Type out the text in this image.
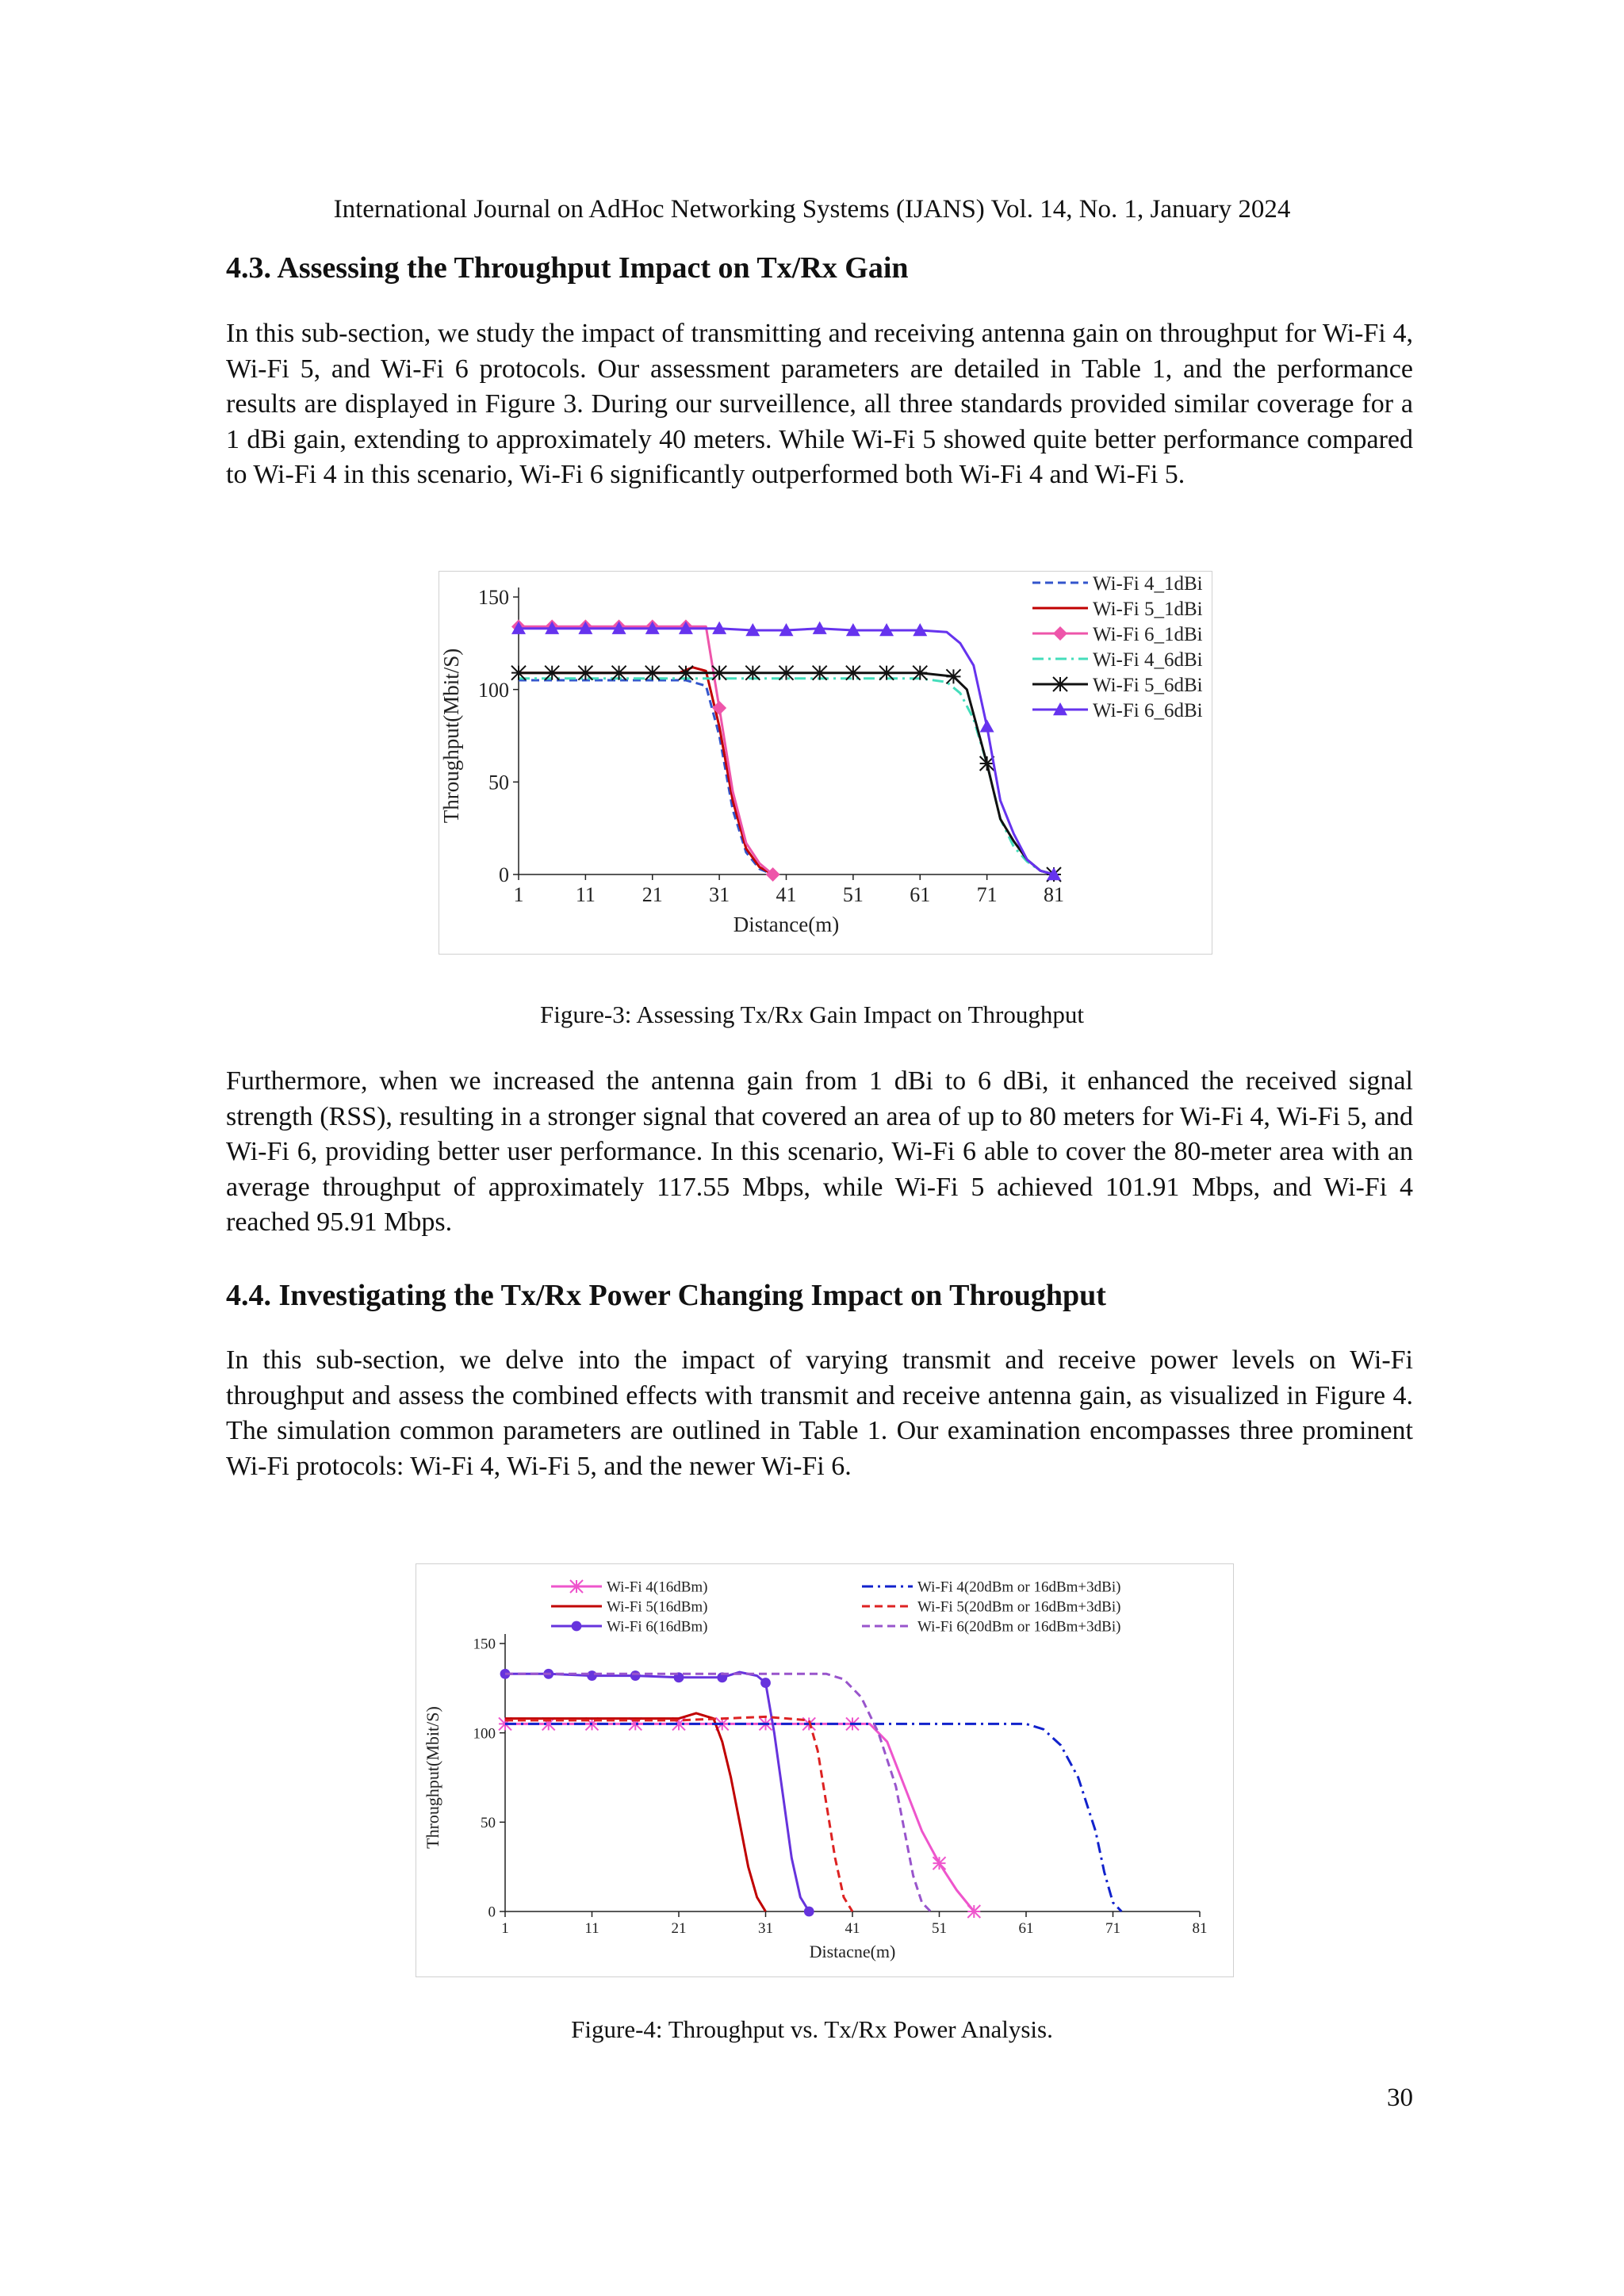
International Journal on AdHoc Networking Systems (IJANS) Vol. 14, No. 1, January 2024
4.3. Assessing the Throughput Impact on Tx/Rx Gain

In this sub-section, we study the impact of transmitting and receiving antenna gain on throughput for Wi-Fi 4, Wi-Fi 5, and Wi-Fi 6 protocols. Our assessment parameters are detailed in Table 1, and the performance results are displayed in Figure 3. During our surveillence, all three standards provided similar coverage for a 1 dBi gain, extending to approximately 40 meters. While Wi-Fi 5 showed quite better performance compared to Wi-Fi 4 in this scenario, Wi-Fi 6 significantly outperformed both Wi-Fi 4 and Wi-Fi 5.

1	11 21 31 41 51 61 71 81
0
50
100
150
Distance(m)
Throughput(Mbit/S)
Wi-Fi 4_1dBi
Wi-Fi 5_1dBi
Wi-Fi 6_1dBi
Wi-Fi 4_6dBi
Wi-Fi 5_6dBi
Wi-Fi 6_6dBi
Figure-3: Assessing Tx/Rx Gain Impact on Throughput

Furthermore, when we increased the antenna gain from 1 dBi to 6 dBi, it enhanced the received signal strength (RSS), resulting in a stronger signal that covered an area of up to 80 meters for Wi-Fi 4, Wi-Fi 5, and Wi-Fi 6, providing better user performance. In this scenario, Wi-Fi 6 able to cover the 80-meter area with an average throughput of approximately 117.55 Mbps, while Wi-Fi 5 achieved 101.91 Mbps, and Wi-Fi 4 reached 95.91 Mbps.

4.4. Investigating the Tx/Rx Power Changing Impact on Throughput

In this sub-section, we delve into the impact of varying transmit and receive power levels on Wi-Fi throughput and assess the combined effects with transmit and receive antenna gain, as visualized in Figure 4. The simulation common parameters are outlined in Table 1. Our examination encompasses three prominent Wi-Fi protocols: Wi-Fi 4, Wi-Fi 5, and the newer Wi-Fi 6.

1	11	21	31	41	51	61	71	81
0
50
100
150
Distacne(m)
Throughput(Mbit/S)
Wi-Fi 4(16dBm)
Wi-Fi 5(16dBm)
Wi-Fi 6(16dBm)
Wi-Fi 4(20dBm or 16dBm+3dBi)
Wi-Fi 5(20dBm or 16dBm+3dBi)
Wi-Fi 6(20dBm or 16dBm+3dBi)
Figure-4: Throughput vs. Tx/Rx Power Analysis.
30
